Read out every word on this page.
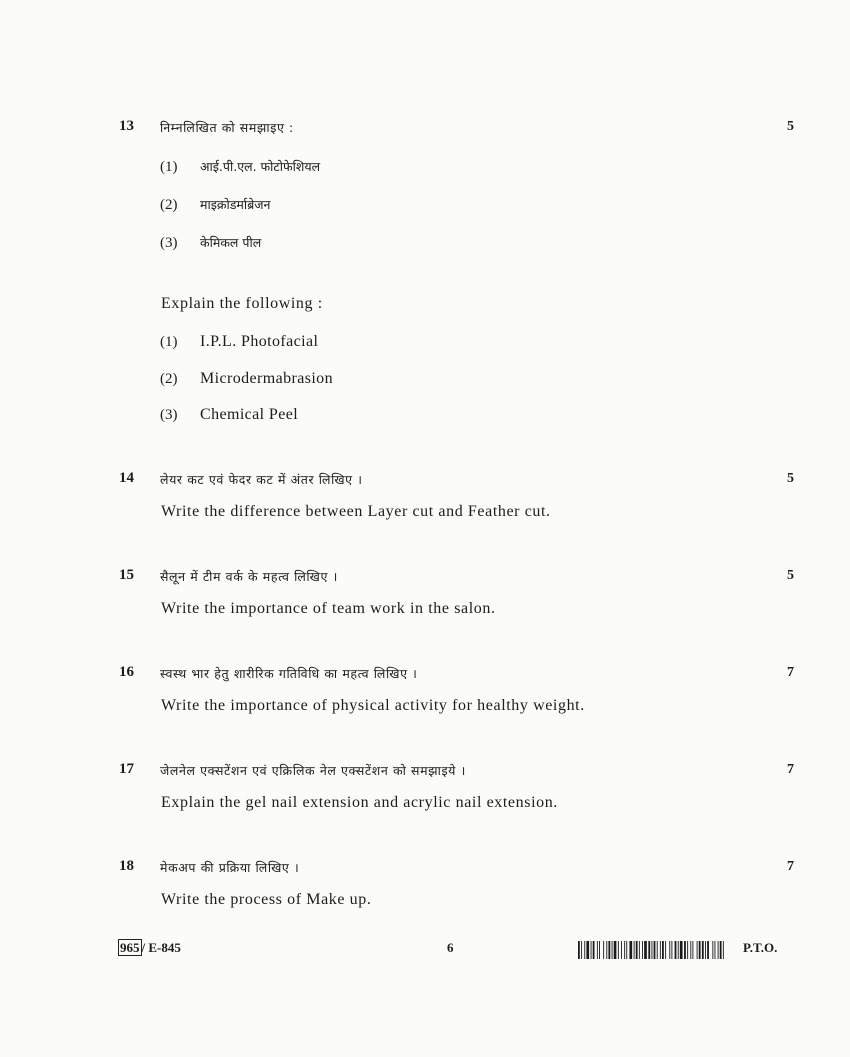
13	निम्नलिखित को समझाइए :	5
(1) आई.पी.एल. फोटोफेशियल
(2) माइक्रोडर्माब्रेजन
(3) केमिकल पील
Explain the following :
(1) I.P.L. Photofacial
(2) Microdermabrasion
(3) Chemical Peel
14	लेयर कट एवं फेदर कट में अंतर लिखिए ।	5
Write the difference between Layer cut and Feather cut.
15	सैलून में टीम वर्क के महत्व लिखिए ।	5
Write the importance of team work in the salon.
16	स्वस्थ भार हेतु शारीरिक गतिविधि का महत्व लिखिए ।	7
Write the importance of physical activity for healthy weight.
17	जेलनेल एक्सटेंशन एवं एक्रिलिक नेल एक्सटेंशन को समझाइये ।	7
Explain the gel nail extension and acrylic nail extension.
18	मेकअप की प्रक्रिया लिखिए ।	7
Write the process of Make up.
965 / E-845	6	P.T.O.
